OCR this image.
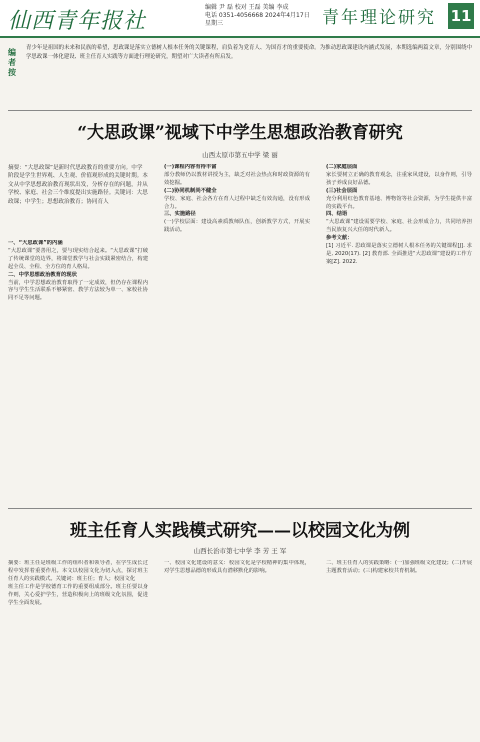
仙西青年报社
编辑 尹 磊 校对 王磊 美编 李成
电话 0351-4056668 2024年4月17日 星期三	青年理论研究 11
编者按
青少年是祖国的未来和民族的希望，思政课是落实立德树人根本任务的关键课程，肩负着为党育人、为国育才的重要使命。为推动思政课建设内涵式发展，本期选编两篇文章，分别围绕中学思政课一体化建设、班主任育人实践等方面进行理论研究，期望对广大读者有所启发。
“大思政课”视域下中学生思想政治教育研究
山西太原市第五中学 梁 丽
摘要：“大思政课”是新时代思政教育的重要方向。中学阶段是学生世界观、人生观、价值观形成的关键时期。本文从中学思想政治教育现状出发，分析存在的问题，并从学校、家庭、社会三个维度提出实施路径。关键词：大思政课；中学生；思想政治教育；协同育人
一、“大思政课”的内涵
“大思政课”要善用之，要与现实结合起来。“大思政课”打破了传统课堂的边界，将课堂教学与社会实践紧密结合，构建起全员、全程、全方位的育人格局。
二、中学思想政治教育的现状
当前，中学思想政治教育取得了一定成效，但仍存在课程内容与学生生活联系不够紧密、教学方法较为单一、家校社协同不足等问题。
(一)课程内容有待丰富
部分教师仍以教材讲授为主，缺乏对社会热点和时政资源的有效挖掘。
(二)协同机制尚不健全
学校、家庭、社会各方在育人过程中缺乏有效沟通，没有形成合力。
三、实施路径
(一)学校层面：建设高素质教师队伍，创新教学方式，开展实践活动。
(二)家庭层面
家长要树立正确的教育观念，注重家风建设，以身作则，引导孩子养成良好品德。
(三)社会层面
充分利用红色教育基地、博物馆等社会资源，为学生提供丰富的实践平台。
四、结语
“大思政课”建设需要学校、家庭、社会形成合力，共同培养担当民族复兴大任的时代新人。
参考文献：
[1] 习近平. 思政课是落实立德树人根本任务的关键课程[J]. 求是, 2020(17). [2] 教育部. 全面推进“大思政课”建设的工作方案[Z]. 2022.
班主任育人实践模式研究——以校园文化为例
山西长治市第七中学 李 芳 王 军
摘要：班主任是班级工作的组织者和领导者，在学生成长过程中发挥着重要作用。本文以校园文化为切入点，探讨班主任育人的实践模式。关键词：班主任；育人；校园文化
班主任工作是学校德育工作的重要组成部分。班主任要以身作则，关心爱护学生，营造积极向上的班级文化氛围，促进学生全面发展。
一、校园文化建设的意义：校园文化是学校精神的集中体现，对学生思想品德的形成具有潜移默化的影响。
二、班主任育人的实践策略：(一)加强班级文化建设；(二)开展主题教育活动；(三)构建家校共育机制。
